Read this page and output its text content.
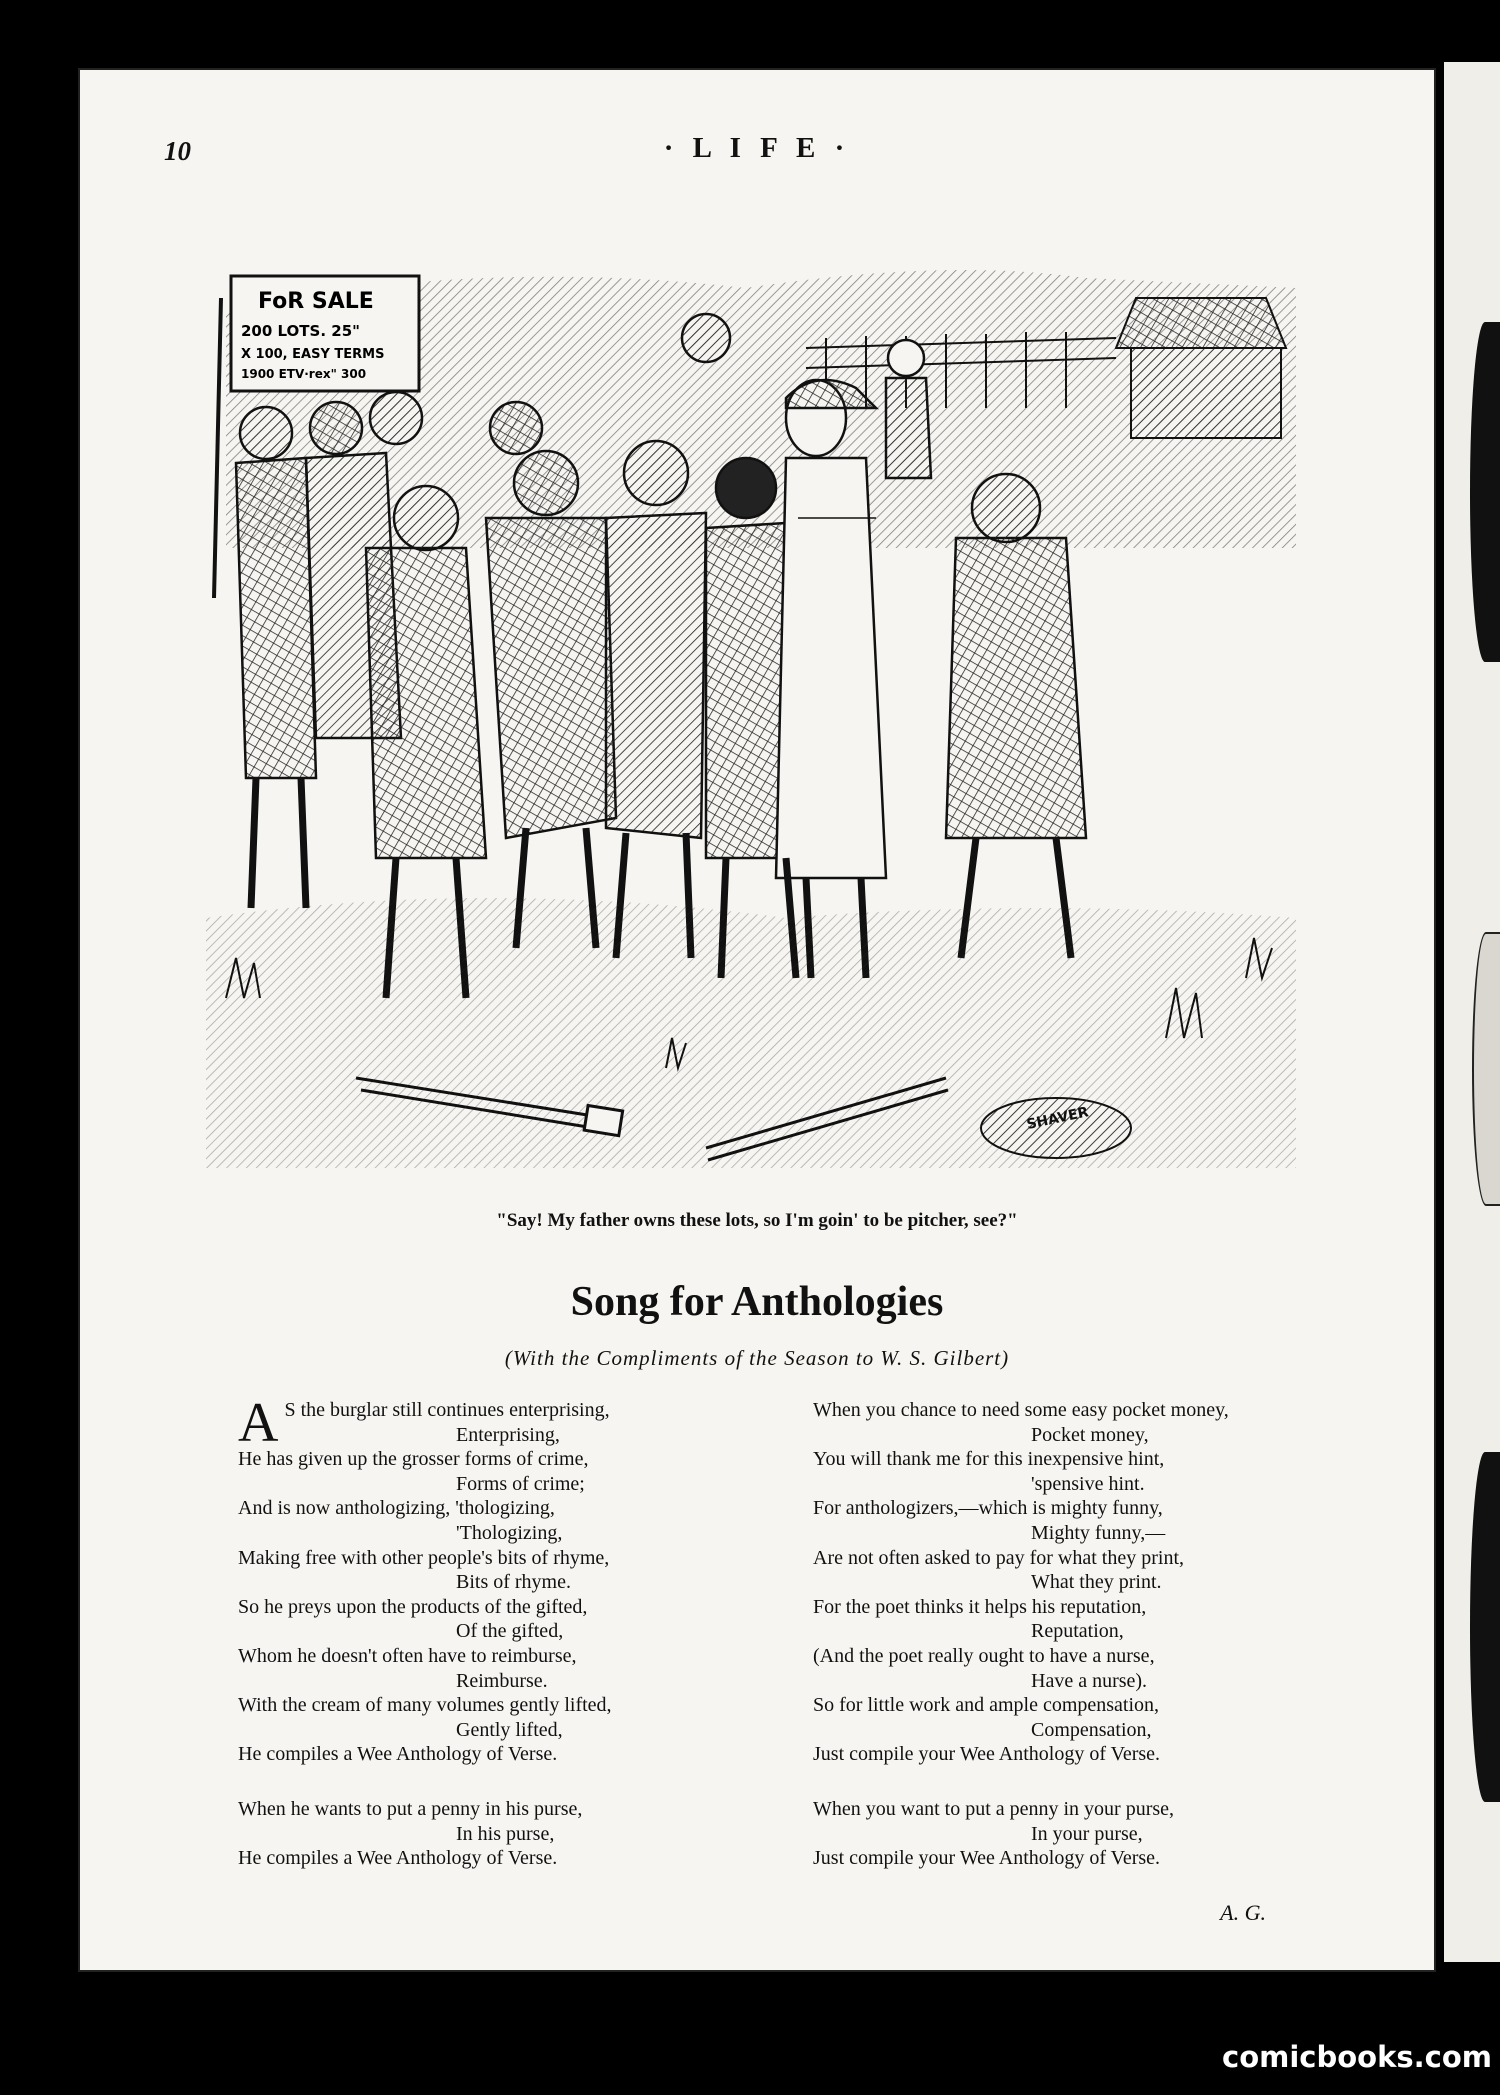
10	· L I F E ·
FoR SALE
200 LOTS. 25"
X 100, EASY TERMS
1900 ETV·rex" 300
SHAVER
"Say! My father owns these lots, so I'm goin' to be pitcher, see?"
Song for Anthologies
(With the Compliments of the Season to W. S. Gilbert)
A S the burglar still continues enterprising,
Enterprising,
He has given up the grosser forms of crime,
Forms of crime;
And is now anthologizing, 'thologizing,
'Thologizing,
Making free with other people's bits of rhyme,
Bits of rhyme.
So he preys upon the products of the gifted,
Of the gifted,
Whom he doesn't often have to reimburse,
Reimburse.
With the cream of many volumes gently lifted,
Gently lifted,
He compiles a Wee Anthology of Verse.
When he wants to put a penny in his purse,
In his purse,
He compiles a Wee Anthology of Verse.
When you chance to need some easy pocket money,
Pocket money,
You will thank me for this inexpensive hint,
'spensive hint.
For anthologizers,—which is mighty funny,
Mighty funny,—
Are not often asked to pay for what they print,
What they print.
For the poet thinks it helps his reputation,
Reputation,
(And the poet really ought to have a nurse,
Have a nurse).
So for little work and ample compensation,
Compensation,
Just compile your Wee Anthology of Verse.
When you want to put a penny in your purse,
In your purse,
Just compile your Wee Anthology of Verse.
A. G.
comicbooks.com
